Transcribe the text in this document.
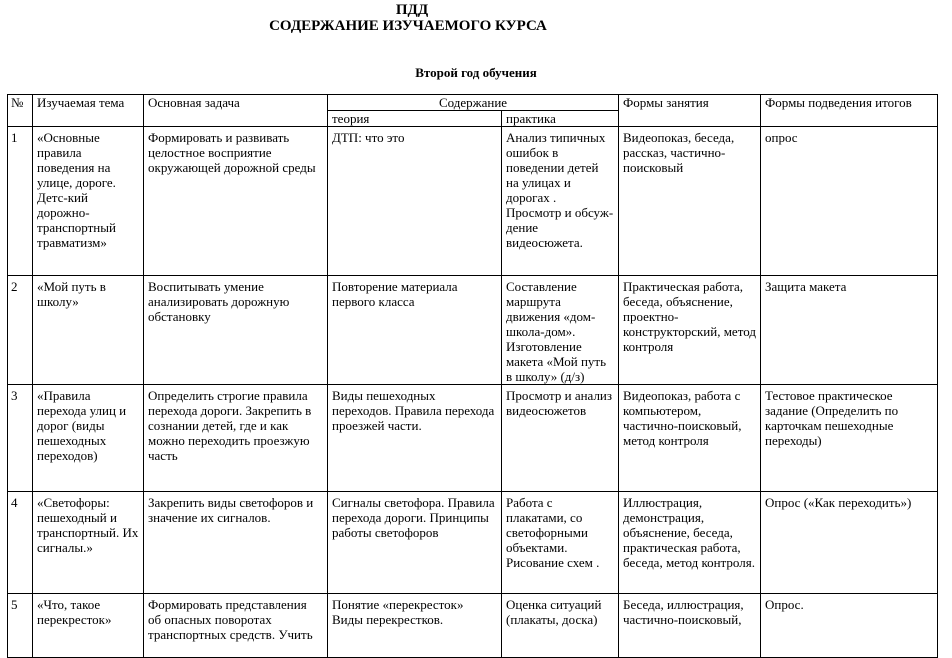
ПДД
СОДЕРЖАНИЕ ИЗУЧАЕМОГО КУРСА
Второй год обучения
№	Изучаемая тема	Основная задача	Содержание		Формы занятия	Формы подведения итогов
			теория	практика		
1	«Основные правила поведения на улице, дороге. Детс-кий дорожно-транспортный травматизм»	Формировать и развивать целостное восприятие окружающей дорожной среды	ДТП: что это	Анализ типичных ошибок в поведении детей на улицах и дорогах . Просмотр и обсуж-дение видеосюжета.	Видеопоказ, беседа, рассказ, частично-поисковый	опрос
2	«Мой путь в школу»	Воспитывать умение анализировать дорожную обстановку	Повторение материала первого класса	Составление маршрута движения «дом-школа-дом». Изготовление макета «Мой путь в школу» (д/з)	Практическая работа, беседа, объяснение, проектно-конструкторский, метод контроля	Защита макета
3	«Правила перехода улиц и дорог (виды пешеходных переходов)	Определить строгие правила перехода дороги. Закрепить в сознании детей, где и как можно переходить проезжую часть	Виды пешеходных переходов. Правила перехода проезжей части.	Просмотр и анализ видеосюжетов	Видеопоказ, работа с компьютером, частично-поисковый, метод контроля	Тестовое практическое задание (Определить по карточкам пешеходные переходы)
4	«Светофоры: пешеходный и транспортный. Их сигналы.»	Закрепить виды светофоров и значение их сигналов.	Сигналы светофора. Правила перехода дороги. Принципы работы светофоров	Работа с плакатами, со светофорными объектами. Рисование схем .	Иллюстрация, демонстрация, объяснение, беседа, практическая работа, беседа, метод контроля.	Опрос («Как переходить»)
5	«Что, такое перекресток»	Формировать представления об опасных поворотах транспортных средств. Учить	Понятие «перекресток» Виды перекрестков.	Оценка ситуаций (плакаты, доска)	Беседа, иллюстрация, частично-поисковый,	Опрос.
